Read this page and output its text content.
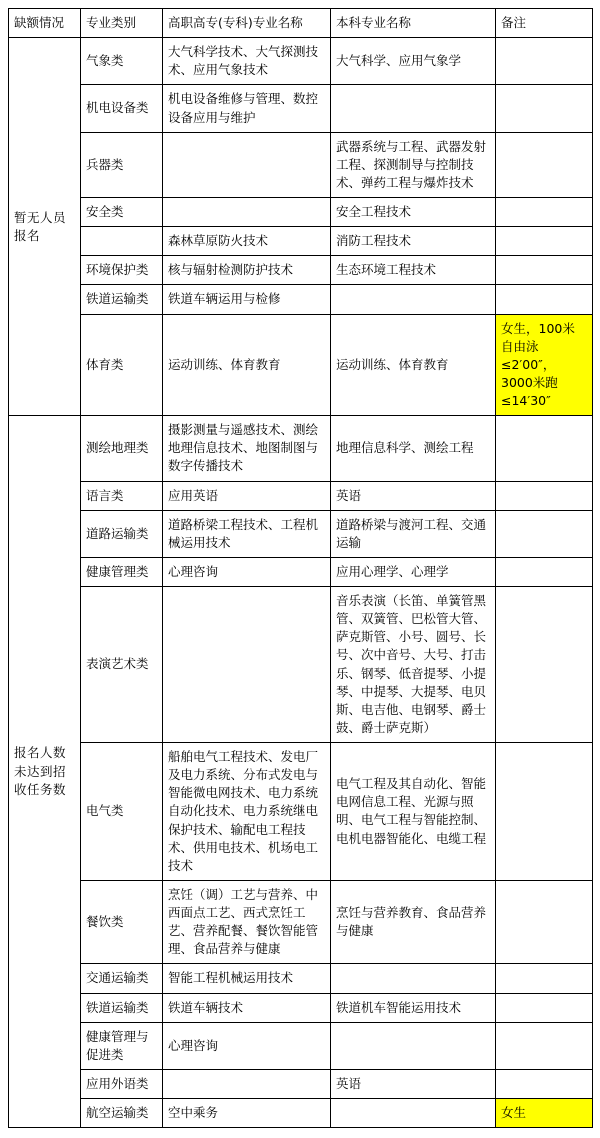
缺额情况	专业类别	高职高专(专科)专业名称	本科专业名称	备注

暂无人员
报名	气象类	大气科学技术、大气探测技术、应用气象技术	大气科学、应用气象学	
	机电设备类	机电设备维修与管理、数控设备应用与维护		
	兵器类		武器系统与工程、武器发射工程、探测制导与控制技术、弹药工程与爆炸技术	
	安全类		安全工程技术	
		森林草原防火技术	消防工程技术	
	环境保护类	核与辐射检测防护技术	生态环境工程技术	
	铁道运输类	铁道车辆运用与检修		
	体育类	运动训练、体育教育	运动训练、体育教育	女生，100米自由泳≤2′00″，3000米跑≤14′30″

报名人数
未达到招
收任务数	测绘地理类	摄影测量与遥感技术、测绘地理信息技术、地图制图与数字传播技术	地理信息科学、测绘工程	
	语言类	应用英语	英语	
	道路运输类	道路桥梁工程技术、工程机械运用技术	道路桥梁与渡河工程、交通运输	
	健康管理类	心理咨询	应用心理学、心理学	
	表演艺术类		音乐表演（长笛、单簧管黑管、双簧管、巴松管大管、萨克斯管、小号、圆号、长号、次中音号、大号、打击乐、钢琴、低音提琴、小提琴、中提琴、大提琴、电贝斯、电吉他、电钢琴、爵士鼓、爵士萨克斯）	
	电气类	船舶电气工程技术、发电厂及电力系统、分布式发电与智能微电网技术、电力系统自动化技术、电力系统继电保护技术、输配电工程技术、供用电技术、机场电工技术	电气工程及其自动化、智能电网信息工程、光源与照明、电气工程与智能控制、电机电器智能化、电缆工程	
	餐饮类	烹饪（调）工艺与营养、中西面点工艺、西式烹饪工艺、营养配餐、餐饮智能管理、食品营养与健康	烹饪与营养教育、食品营养与健康	
	交通运输类	智能工程机械运用技术		
	铁道运输类	铁道车辆技术	铁道机车智能运用技术	
	健康管理与促进类	心理咨询		
	应用外语类		英语	
	航空运输类	空中乘务		女生
